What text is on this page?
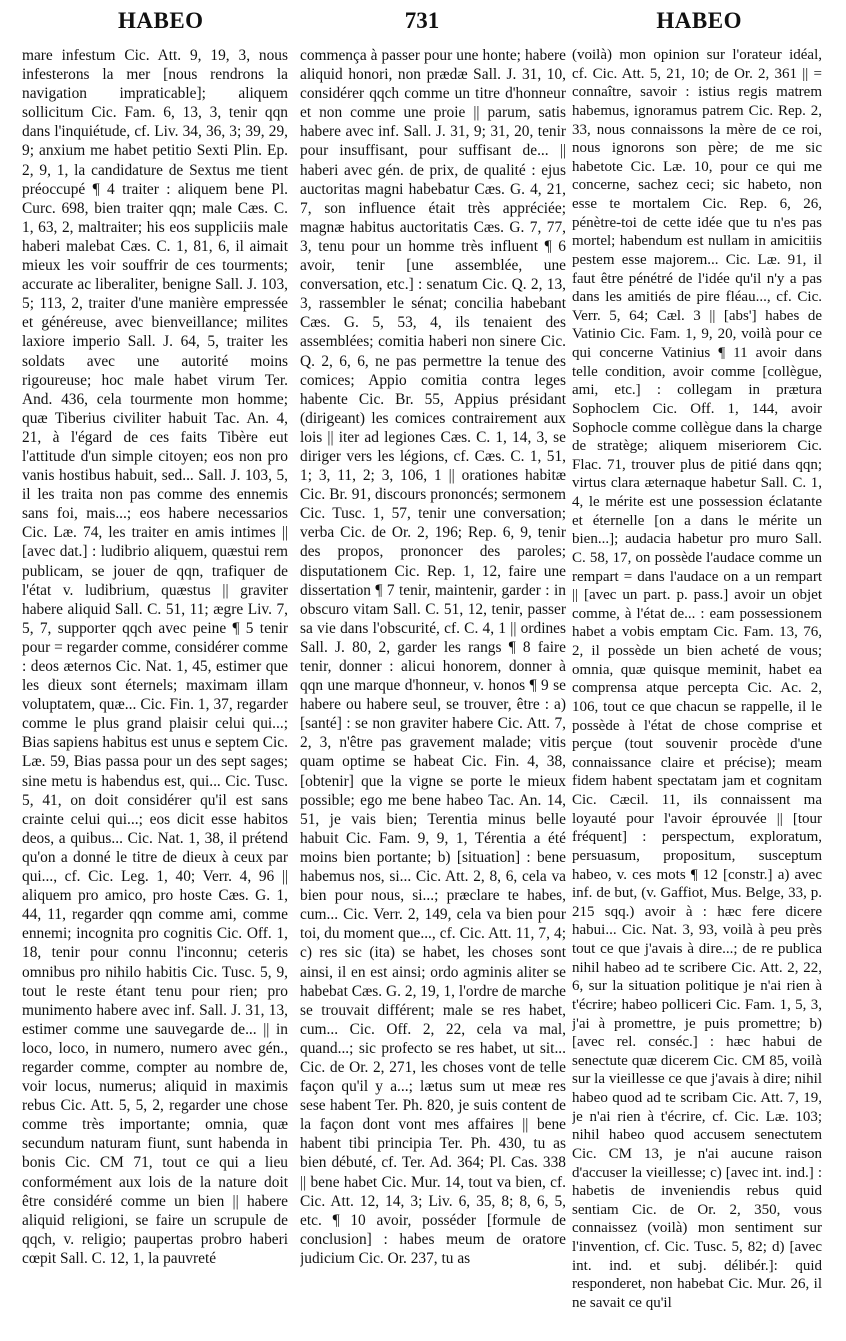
HABEO	731	HABEO

mare infestum Cic. Att. 9, 19, 3, nous infesterons la mer [nous rendrons la navigation impraticable]; aliquem sollicitum Cic. Fam. 6, 13, 3, tenir qqn dans l'inquiétude, cf. Liv. 34, 36, 3; 39, 29, 9; anxium me habet petitio Sexti Plin. Ep. 2, 9, 1, la candidature de Sextus me tient préoccupé ¶ 4 traiter : aliquem bene Pl. Curc. 698, bien traiter qqn; male Cæs. C. 1, 63, 2, maltraiter; his eos suppliciis male haberi malebat Cæs. C. 1, 81, 6, il aimait mieux les voir souffrir de ces tourments; accurate ac liberaliter, benigne Sall. J. 103, 5; 113, 2, traiter d'une manière empressée et généreuse, avec bienveillance; milites laxiore imperio Sall. J. 64, 5, traiter les soldats avec une autorité moins rigoureuse; hoc male habet virum Ter. And. 436, cela tourmente mon homme; quæ Tiberius civiliter habuit Tac. An. 4, 21, à l'égard de ces faits Tibère eut l'attitude d'un simple citoyen; eos non pro vanis hostibus habuit, sed... Sall. J. 103, 5, il les traita non pas comme des ennemis sans foi, mais...; eos habere necessarios Cic. Læ. 74, les traiter en amis intimes || [avec dat.] : ludibrio aliquem, quæstui rem publicam, se jouer de qqn, trafiquer de l'état v. ludibrium, quæstus || graviter habere aliquid Sall. C. 51, 11; ægre Liv. 7, 5, 7, supporter qqch avec peine ¶ 5 tenir pour = regarder comme, considérer comme : deos æternos Cic. Nat. 1, 45, estimer que les dieux sont éternels; maximam illam voluptatem, quæ... Cic. Fin. 1, 37, regarder comme le plus grand plaisir celui qui...; Bias sapiens habitus est unus e septem Cic. Læ. 59, Bias passa pour un des sept sages; sine metu is habendus est, qui... Cic. Tusc. 5, 41, on doit considérer qu'il est sans crainte celui qui...; eos dicit esse habitos deos, a quibus... Cic. Nat. 1, 38, il prétend qu'on a donné le titre de dieux à ceux par qui..., cf. Cic. Leg. 1, 40; Verr. 4, 96 || aliquem pro amico, pro hoste Cæs. G. 1, 44, 11, regarder qqn comme ami, comme ennemi; incognita pro cognitis Cic. Off. 1, 18, tenir pour connu l'inconnu; ceteris omnibus pro nihilo habitis Cic. Tusc. 5, 9, tout le reste étant tenu pour rien; pro munimento habere avec inf. Sall. J. 31, 13, estimer comme une sauvegarde de... || in loco, loco, in numero, numero avec gén., regarder comme, compter au nombre de, voir locus, numerus; aliquid in maximis rebus Cic. Att. 5, 5, 2, regarder une chose comme très importante; omnia, quæ secundum naturam fiunt, sunt habenda in bonis Cic. CM 71, tout ce qui a lieu conformément aux lois de la nature doit être considéré comme un bien || habere aliquid religioni, se faire un scrupule de qqch, v. religio; paupertas probro haberi cœpit Sall. C. 12, 1, la pauvreté

commença à passer pour une honte; habere aliquid honori, non prædæ Sall. J. 31, 10, considérer qqch comme un titre d'honneur et non comme une proie || parum, satis habere avec inf. Sall. J. 31, 9; 31, 20, tenir pour insuffisant, pour suffisant de... || haberi avec gén. de prix, de qualité : ejus auctoritas magni habebatur Cæs. G. 4, 21, 7, son influence était très appréciée; magnæ habitus auctoritatis Cæs. G. 7, 77, 3, tenu pour un homme très influent ¶ 6 avoir, tenir [une assemblée, une conversation, etc.] : senatum Cic. Q. 2, 13, 3, rassembler le sénat; concilia habebant Cæs. G. 5, 53, 4, ils tenaient des assemblées; comitia haberi non sinere Cic. Q. 2, 6, 6, ne pas permettre la tenue des comices; Appio comitia contra leges habente Cic. Br. 55, Appius présidant (dirigeant) les comices contrairement aux lois || iter ad legiones Cæs. C. 1, 14, 3, se diriger vers les légions, cf. Cæs. C. 1, 51, 1; 3, 11, 2; 3, 106, 1 || orationes habitæ Cic. Br. 91, discours prononcés; sermonem Cic. Tusc. 1, 57, tenir une conversation; verba Cic. de Or. 2, 196; Rep. 6, 9, tenir des propos, prononcer des paroles; disputationem Cic. Rep. 1, 12, faire une dissertation ¶ 7 tenir, maintenir, garder : in obscuro vitam Sall. C. 51, 12, tenir, passer sa vie dans l'obscurité, cf. C. 4, 1 || ordines Sall. J. 80, 2, garder les rangs ¶ 8 faire tenir, donner : alicui honorem, donner à qqn une marque d'honneur, v. honos ¶ 9 se habere ou habere seul, se trouver, être : a) [santé] : se non graviter habere Cic. Att. 7, 2, 3, n'être pas gravement malade; vitis quam optime se habeat Cic. Fin. 4, 38, [obtenir] que la vigne se porte le mieux possible; ego me bene habeo Tac. An. 14, 51, je vais bien; Terentia minus belle habuit Cic. Fam. 9, 9, 1, Térentia a été moins bien portante; b) [situation] : bene habemus nos, si... Cic. Att. 2, 8, 6, cela va bien pour nous, si...; præclare te habes, cum... Cic. Verr. 2, 149, cela va bien pour toi, du moment que..., cf. Cic. Att. 11, 7, 4; c) res sic (ita) se habet, les choses sont ainsi, il en est ainsi; ordo agminis aliter se habebat Cæs. G. 2, 19, 1, l'ordre de marche se trouvait différent; male se res habet, cum... Cic. Off. 2, 22, cela va mal, quand...; sic profecto se res habet, ut sit... Cic. de Or. 2, 271, les choses vont de telle façon qu'il y a...; lætus sum ut meæ res sese habent Ter. Ph. 820, je suis content de la façon dont vont mes affaires || bene habent tibi principia Ter. Ph. 430, tu as bien débuté, cf. Ter. Ad. 364; Pl. Cas. 338 || bene habet Cic. Mur. 14, tout va bien, cf. Cic. Att. 12, 14, 3; Liv. 6, 35, 8; 8, 6, 5, etc. ¶ 10 avoir, posséder [formule de conclusion] : habes meum de oratore judicium Cic. Or. 237, tu as

(voilà) mon opinion sur l'orateur idéal, cf. Cic. Att. 5, 21, 10; de Or. 2, 361 || = connaître, savoir : istius regis matrem habemus, ignoramus patrem Cic. Rep. 2, 33, nous connaissons la mère de ce roi, nous ignorons son père; de me sic habetote Cic. Læ. 10, pour ce qui me concerne, sachez ceci; sic habeto, non esse te mortalem Cic. Rep. 6, 26, pénètre-toi de cette idée que tu n'es pas mortel; habendum est nullam in amicitiis pestem esse majorem... Cic. Læ. 91, il faut être pénétré de l'idée qu'il n'y a pas dans les amitiés de pire fléau..., cf. Cic. Verr. 5, 64; Cæl. 3 || [abs'] habes de Vatinio Cic. Fam. 1, 9, 20, voilà pour ce qui concerne Vatinius ¶ 11 avoir dans telle condition, avoir comme [collègue, ami, etc.] : collegam in prætura Sophoclem Cic. Off. 1, 144, avoir Sophocle comme collègue dans la charge de stratège; aliquem miseriorem Cic. Flac. 71, trouver plus de pitié dans qqn; virtus clara æternaque habetur Sall. C. 1, 4, le mérite est une possession éclatante et éternelle [on a dans le mérite un bien...]; audacia habetur pro muro Sall. C. 58, 17, on possède l'audace comme un rempart = dans l'audace on a un rempart || [avec un part. p. pass.] avoir un objet comme, à l'état de... : eam possessionem habet a vobis emptam Cic. Fam. 13, 76, 2, il possède un bien acheté de vous; omnia, quæ quisque meminit, habet ea comprensa atque percepta Cic. Ac. 2, 106, tout ce que chacun se rappelle, il le possède à l'état de chose comprise et perçue (tout souvenir procède d'une connaissance claire et précise); meam fidem habent spectatam jam et cognitam Cic. Cæcil. 11, ils connaissent ma loyauté pour l'avoir éprouvée || [tour fréquent] : perspectum, exploratum, persuasum, propositum, susceptum habeo, v. ces mots ¶ 12 [constr.] a) avec inf. de but, (v. Gaffiot, Mus. Belge, 33, p. 215 sqq.) avoir à : hæc fere dicere habui... Cic. Nat. 3, 93, voilà à peu près tout ce que j'avais à dire...; de re publica nihil habeo ad te scribere Cic. Att. 2, 22, 6, sur la situation politique je n'ai rien à t'écrire; habeo polliceri Cic. Fam. 1, 5, 3, j'ai à promettre, je puis promettre; b) [avec rel. conséc.] : hæc habui de senectute quæ dicerem Cic. CM 85, voilà sur la vieillesse ce que j'avais à dire; nihil habeo quod ad te scribam Cic. Att. 7, 19, je n'ai rien à t'écrire, cf. Cic. Læ. 103; nihil habeo quod accusem senectutem Cic. CM 13, je n'ai aucune raison d'accuser la vieillesse; c) [avec int. ind.] : habetis de inveniendis rebus quid sentiam Cic. de Or. 2, 350, vous connaissez (voilà) mon sentiment sur l'invention, cf. Cic. Tusc. 5, 82; d) [avec int. ind. et subj. délibér.]: quid responderet, non habebat Cic. Mur. 26, il ne savait ce qu'il
